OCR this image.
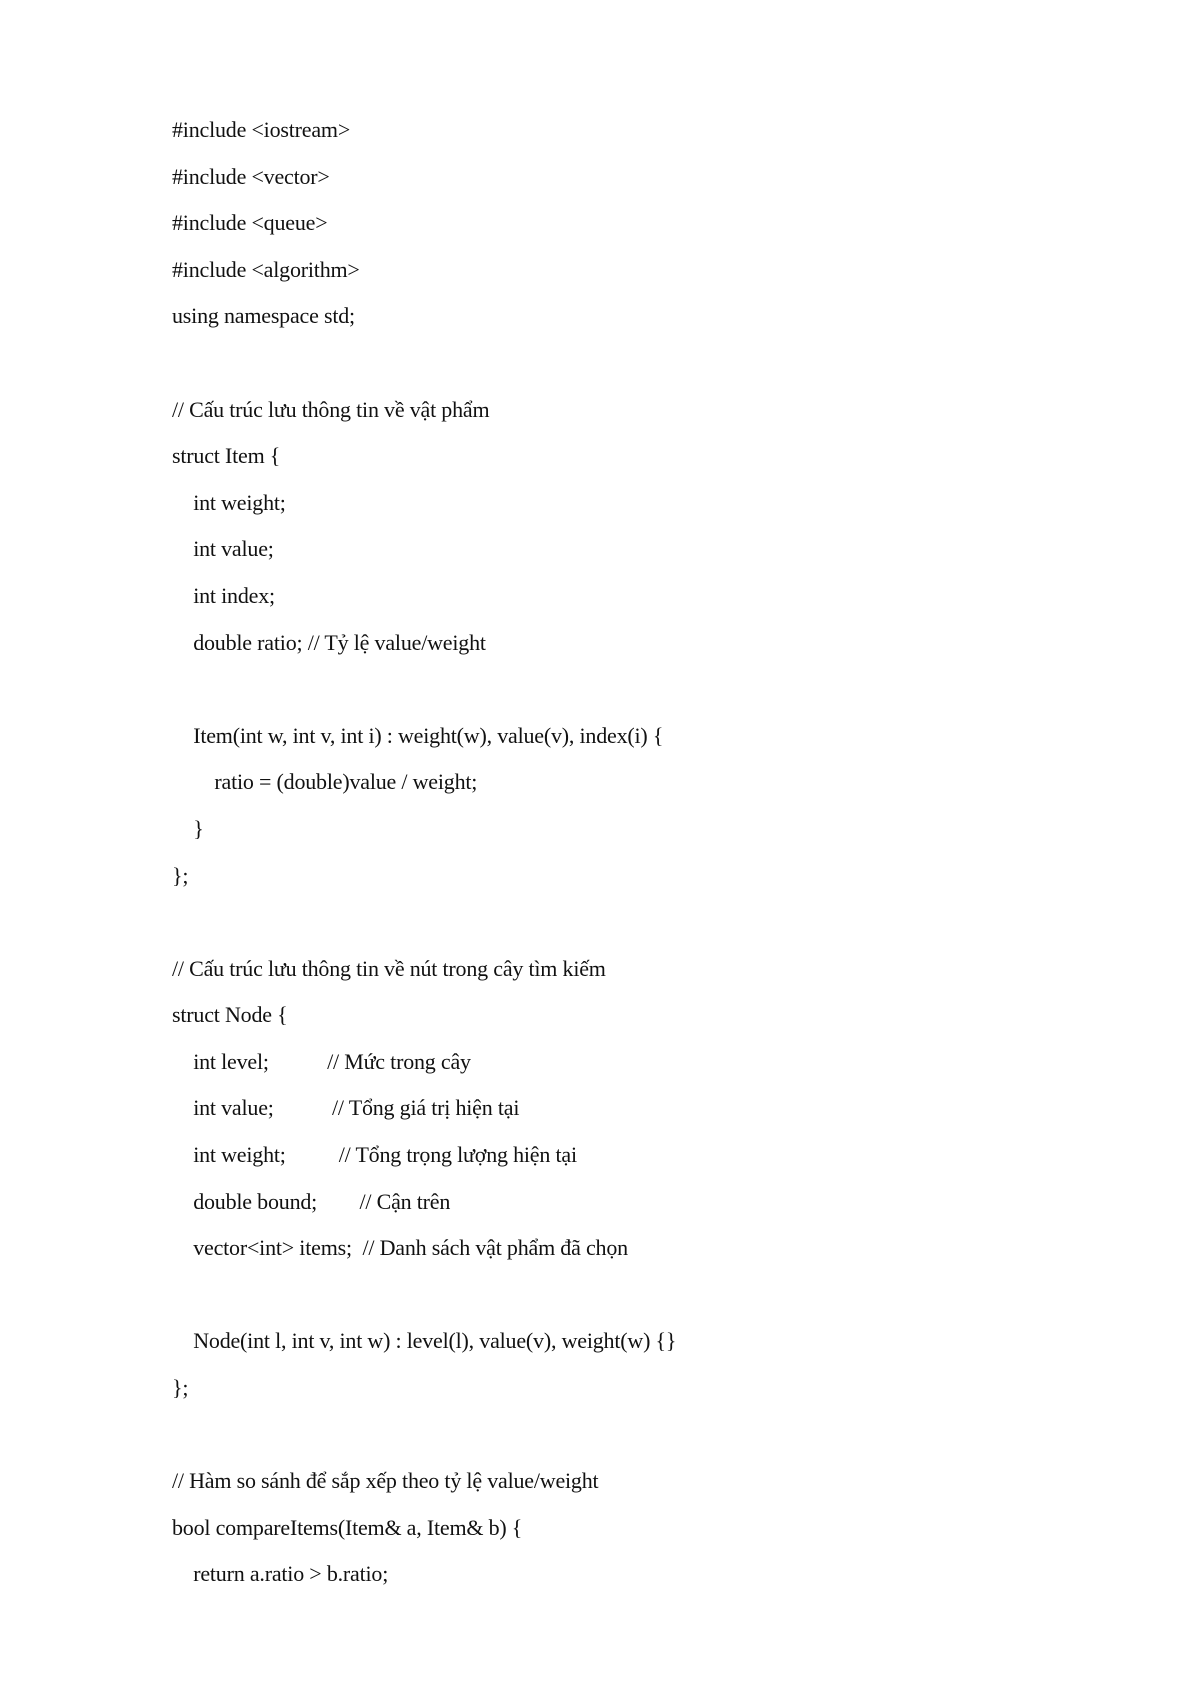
#include <iostream>
#include <vector>
#include <queue>
#include <algorithm>
using namespace std;
// Cấu trúc lưu thông tin về vật phẩm
struct Item {
int weight;
int value;
int index;
double ratio; // Tỷ lệ value/weight
Item(int w, int v, int i) : weight(w), value(v), index(i) {
ratio = (double)value / weight;
}
};
// Cấu trúc lưu thông tin về nút trong cây tìm kiếm
struct Node {
int level;           // Mức trong cây
int value;           // Tổng giá trị hiện tại
int weight;          // Tổng trọng lượng hiện tại
double bound;        // Cận trên
vector<int> items;  // Danh sách vật phẩm đã chọn
Node(int l, int v, int w) : level(l), value(v), weight(w) {}
};
// Hàm so sánh để sắp xếp theo tỷ lệ value/weight
bool compareItems(Item& a, Item& b) {
return a.ratio > b.ratio;
